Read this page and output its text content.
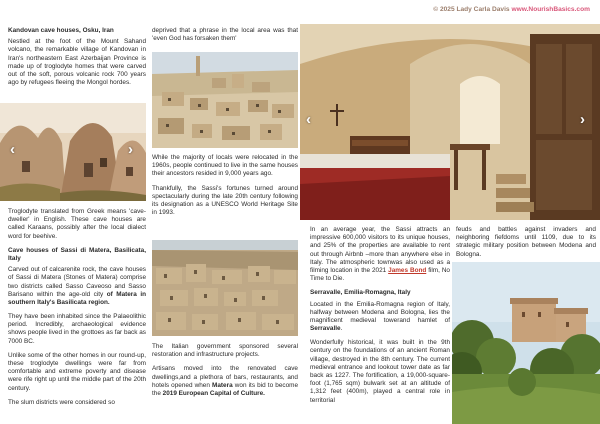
© 2025 Lady Carla Davis www.NourishBasics.com

Kandovan cave houses, Osku, Iran

Nestled at the foot of the Mount Sahand volcano, the remarkable village of Kandovan in Iran's northeastern East Azerbaijan Province is made up of troglodyte homes that were carved out of the soft, porous volcanic rock 700 years ago by refugees fleeing the Mongol hordes.

‹	›

Troglodyte translated from Greek means 'cave-dweller' in English. These cave houses are called Karaans, possibly after the local dialect word for beehive.

Cave houses of Sassi di Matera, Basilicata, Italy

Carved out of calcarenite rock, the cave houses of Sassi di Matera (Stones of Matera) comprise two districts called Sasso Caveoso and Sasso Barisano within the age-old city of Matera in southern Italy's Basilicata region.

They have been inhabited since the Palaeolithic period. Incredibly, archaeological evidence shows people lived in the grottoes as far back as 7000 BC.

Unlike some of the other homes in our round-up, these troglodyte dwellings were far from comfortable and extreme poverty and disease were rife right up until the middle part of the 20th century.

The slum districts were considered so

deprived that a phrase in the local area was that 'even God has forsaken them'

While the majority of locals were relocated in the 1960s, people continued to live in the same houses their ancestors resided in 9,000 years ago.

Thankfully, the Sassi's fortunes turned around spectacularly during the late 20th century following its designation as a UNESCO World Heritage Site in 1993.

The Italian government sponsored several restoration and infrastructure projects.

Artisans moved into the renovated cave dwellings,and a plethora of bars, restaurants, and hotels opened when Matera won its bid to become the 2019 European Capital of Culture.

‹	›

In an average year, the Sassi attracts an impressive 600,000 visitors to its unique houses, and 25% of the properties are available to rent out through Airbnb –more than anywhere else in Italy. The atmospheric townwas also used as a filming location in the 2021 James Bond film, No Time to Die.

Serravalle, Emilia-Romagna, Italy

Located in the Emilia-Romagna region of Italy, halfway between Modena and Bologna, lies the magnificent medieval towerand hamlet of Serravalle.

Wonderfully historical, it was built in the 9th century on the foundations of an ancient Roman village, destroyed in the 8th century. The current medieval entrance and lookout tower date as far back as 1227. The fortification, a 19,000-square-foot (1,765 sqm) bulwark set at an altitude of 1,312 feet (400m), played a central role in territorial

feuds and battles against invaders and neighboring fiefdoms until 1109, due to its strategic military position between Modena and Bologna.
